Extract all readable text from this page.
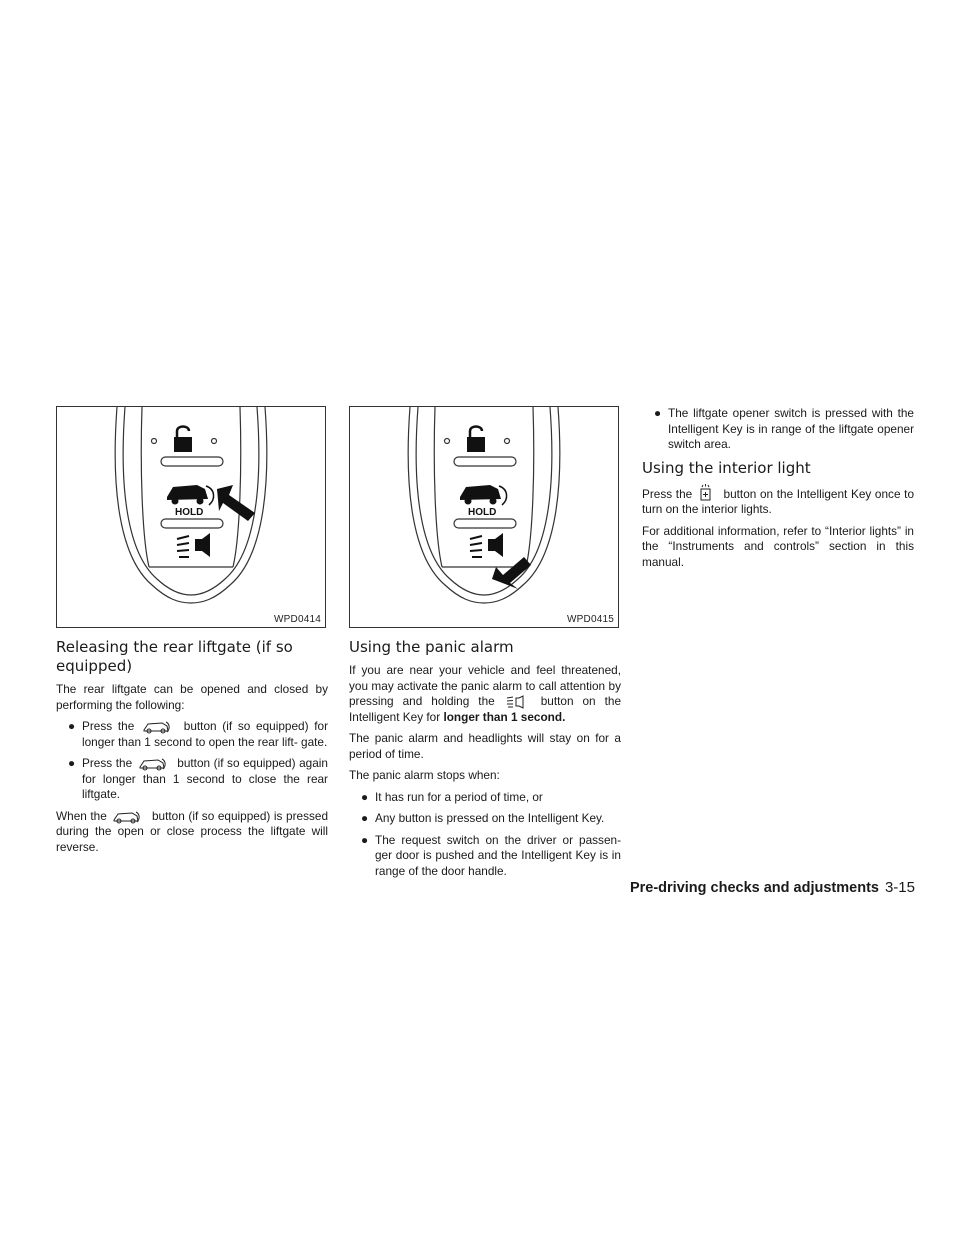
HOLD
WPD0414
Releasing the rear liftgate (if so equipped)

The rear liftgate can be opened and closed by performing the following:

● Press the	button (if so equipped) for longer than 1 second to open the rear lift- gate.
● Press the	button (if so equipped) again for longer than 1 second to close the rear liftgate.

When the	button (if so equipped) is pressed during the open or close process the liftgate will reverse.

HOLD
WPD0415
Using the panic alarm

If you are near your vehicle and feel threatened, you may activate the panic alarm to call attention by pressing and holding the	button on the Intelligent Key for longer than 1 second.

The panic alarm and headlights will stay on for a period of time.

The panic alarm stops when:

● It has run for a period of time, or
● Any button is pressed on the Intelligent Key.
● The request switch on the driver or passen- ger door is pushed and the Intelligent Key is in range of the door handle.
● The liftgate opener switch is pressed with the Intelligent Key is in range of the liftgate opener switch area.
Using the interior light

Press the	button on the Intelligent Key once to turn on the interior lights.

For additional information, refer to “Interior lights” in the “Instruments and controls” section in this manual.

Pre-driving checks and adjustments 3-15
